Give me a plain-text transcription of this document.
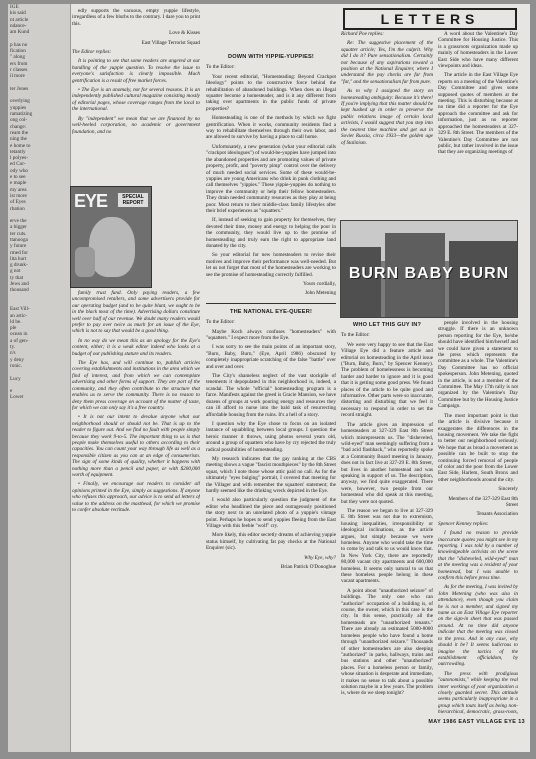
IGE
kis said
nt article
ndance-
am Kund

p has no
fication
" along
ers from
r classes
il more

ter Jones

overlying
yuppies
ramatizing
ong col-
change:
ream the
ning the
e home to
tetantly
l polyes-
ed Cor-
ody who
e to see
e maple
my area
ist more
of Eyes
rbation

erve the
a bigger
ter cuts.
ttanooga
y future
rmed for
lita hurt
g drunk-
g not
ty that
Jews and
thousand

East Vill-
an artic-
ld be.
ple
ocean in
a of gen-
ty.
n's
y deny
ronic.

Lucy

e
Lower

edly supports the vacuous, empty yuppie lifestyle, irregardless of a few blurbs to the contrary. I dare you to print this.

Love & Kisses

East Village Terrorist Squad

The Editor replies:

It is pointing to see that some readers are angered at our handling of the yuppie question. To resolve the issue to everyone's satisfaction is clearly impossible. Much gentrification is a result of free market forces.

• The Eye is an anomaly, not for several reasons. It is an independently published cultural magazine consisting mostly of editorial pages, whose coverage ranges from the local to the international.

By "independent" we mean that we are financed by no well-heeled corporation, no academic or government foundation, and no

EYE	SPECIAL REPORT

family trust fund. Only paying readers, a few uncompromised retailers, and some advertisers provide for our operating budget (and to be quite blunt, we ought to be in the black most of the time). Advertising dollars constitute well over half of our revenue. We doubt many readers would prefer to pay over twice as much for an issue of the Eye, which is not to say that would be a good thing.

In no way do we mean this as an apology for the Eye's content, either; it is a weak editor indeed who looks at a budget of our publishing stature and its readers.

The Eye has, and will continue to, publish articles covering establishments and institutions in the area which we find of interest, and from which we can contemplate advertising and other forms of support. They are part of the community, and they often contribute to the structure that enables us to serve the community. There is no reason to deny them press coverage on account of the matter of taste, for which we can only say it's a free country.

• It is not our intent to devalue anyone what our neighborhood should or should not be. That is up to the reader to figure out. And we find no fault with people simply because they work 9-to-5. The important thing to us is that people make themselves useful to others according to their capacities. You can count your way through life as well as a responsible citizen as you can at an edge of consumerism. The sign of some kinds of quality, whether it happens with nothing more than a pencil and paper, or with $200,000 worth of equipment.

• Finally, we encourage our readers to consider all opinions printed in the Eye, simply as suggestions. If anyone who refuses this approach, our advice is to send ad letters of value to the address on the masthead, for which we promise to confer absolute rectitude.

DOWN WITH YIPPIE-YUPPIES!

To the Editor:

Your recent editorial, "Homesteading: Beyond Crackpot Ideology" points to the constructive force behind the rehabilitation of abandoned buildings. When does an illegal squatter become a homesteader, and is it any different from taking over apartments in the public funds of private properties?

Homesteading is one of the methods by which we fight gentrification. When it works, community residents find a way to rehabilitate themselves through their own labor, and are allowed to survive by having a place to call home.

Unfortunately, a new generation (what your editorial calls "crackpot ideologues") of would-be-yuppies have jumped into the abandoned properties and are promoting values of private property, profit, and "poverty pimp" control over the delivery of much needed social services. Some of these would-be-yuppies are young Americans who drink in punk clothing and call themselves "yippies." These yippie-yuppies do nothing to improve the community or help their fellow homesteaders. They drain needed community resources as they play at being poor. Most return to their middle-class family lifestyles after their brief experiences as "squatters."

If, instead of seeking to gain property for themselves, they devoted their time, money and energy to helping the poor in the community, they would live up to the promise of homesteading and truly earn the right to appropriate land donated by the city.

So your editorial for new homesteaders to revise their motives and improve their performance was well-needed. But let us not forget that most of the homesteaders are working to see the promise of homesteading correctly fulfilled.

Yours cordially,

John Metening

THE NATIONAL EYE-QUEER!

To the Editor:

Maybe Koch always confuses "homesteaders" with "squatters." I expect more from the Eye.

I was sorry to see the main points of an important story, "Burn, Baby, Burn," (Eye, April 1986) obscured by completely inappropriate scratching of the false "battle" over and over and over.

The City's shameless neglect of the vast stockpile of tenements it depopulated in this neighborhood is, indeed, a scandal. The whole "official" homesteading program is a farce. Manifests against the greed is Gracie Mansion, we have dozens of groups at work pouring energy and resources they can ill afford to nurse into the bald task of resurrecting affordable housing from the ruins. It's a hell of a story.

I question why the Eye chose to focus on an isolated instance of squabbling between local groups. I question the heroic manner it throws, using photos several years old, around a group of squatters who have by cry rejected the truly radical possibilities of homesteading.

My research indicates that the gay ranking at the CBS meeting shows a vague "fascist mouthpieces" by the 8th Street squat, which I note those whose attic paid no call. As for the ultimately "eyes bulging" portrait, I covered that meeting for the Villager and with remember the squatters' statement; the hardly seemed like the drinking wreck depicted in the Eye.

I would also particularly question the judgment of the editor who headlined the piece and outrageously positioned the story next to an unrelated photo of a yuppie's vintage point. Perhaps he hopes to send yuppies fleeing from the East Village with this feeble "wolf" cry.

More likely, this editor secretly dreams of achieving yuppie status himself, by cultivating fat pay checks at the National Enquirer (sic).

Why Eye, why?

Brian Patrick O'Donoghue

LETTERS

Richard Poe replies:

Re: The suggestive placement of the squatter article; Yes, I'm the culprit. Why did I do it? Pure sensationalism. Certainly not because of any aspirations toward a position at the National Enquirer, where I understand the pay checks are far from "fat," and the sensationalism far from pure.

As to why I assigned the story on homesteading ambiguity: Because it's there! If you're implying that this matter should be kept hushed up in order to preserve the public relations image of certain local activists, I would suggest that you step into the nearest time machine and get out in Soviet Russia, circa 1933—the golden age of Stalinism.

A word about the Valentine's Day Committee for Housing Justice. This is a grassroots organization made up mainly of homesteaders in the Lower East Side who have many different viewpoints and ideas.

The article in the East Village Eye reports on a meeting of the Valentine's Day Committee and gives some supposed quotes of members at the meeting. This is disturbing because at no time did a reporter for the Eye approach the committee and ask for information, just as no reporter approached the homesteaders at 327-329 E. 8th Street. The members of the Valentine's Day Committee are not public, but rather involved in the issue that they are organizing meetings of

BURN BABY BURN
WHO LET THIS GUY IN?

To the Editor:

We were very happy to see that the East Village Eye did a feature article and editorial on homesteading in the April issue ("Burn, Baby, Burn," by Spencer Kenney). The problem of homelessness is becoming harder and harder to ignore and it is good that it is getting some good press. We found places of the article to be quite good and informative. Other parts were so inaccurate, distorting and disturbing that we feel it necessary to respond in order to set the record straight.

The article gives an impression of homesteaders at 327-329 East 8th Street which misrepresents us. The "disheveled, wild-eyed" man seemingly suffering from a "bad acid flashback," who reportedly spoke at a Community Board meeting in January, does not in fact live at 327-29 E. 8th Street, but lives in another homestead and was speaking in support of us. The description, anyway, we find quite exaggerated. There were, however, two people from our homestead who did speak at this meeting, but they were not quoted.

The reason we began to live at 327-329 E. 8th Street was not due to extremism, housing inequalities, irresponsibility or ideological inclinations, as the article argues, but simply because we were homeless. Anyone who would take the time to come by and talk to us would know that. In New York City, there are reportedly 80,000 vacant city apartments and 600,000 homeless. It seems only natural to us that these homeless people belong in these vacant apartments.

A point about "unauthorized seizure" of buildings. The only one who can "authorize" occupation of a building is, of course, the owner, which in this case is the city. In this sense, practically all the homesteads are "unauthorized tenants." There are already an estimated 5000-8000 homeless people who have found a home through "unauthorized seizure." Thousands of other homesteaders are also sleeping "authorized" in parks, hallways, trains and bus stations and other "unauthorized" places. For a homeless person or family, whose situation is desperate and immediate, it makes no sense to talk about a possible solution maybe in a few years. The problem is, where do we sleep tonight?

people involved in the housing struggle. If there is an unknown person reporting for the Eye, he/she should have identified him/herself and we could have given a statement to the press which represents the committee as a whole. The Valentine's Day Committee has no official spokesperson. John Metening, quoted in the article, is not a member of the Committee. The May 17th rally is not organized by the Valentine's Day Committee but by the Housing Justice Campaign.

The most important point is that the article is divisive because it exaggerates the differences in the housing movement. We take the fight to better our neighborhood seriously. We hope that as broad a movement as possible can be built to stop the continuing forced removal of people of color and the poor from the Lower East Side, Harlem, South Bronx and other neighborhoods around the city.

Sincerely

Members of the 327-329 East 8th Street

Tenants Association

Spencer Kenney replies:

I found no reason to provide inaccurate quotes you might see in my reporting. I was told by a number of knowledgeable activists on the scene that the "disheveled, wild-eyed" man at the meeting was a resident of your homestead, but I was unable to confirm this before press time.

As for the meeting, I was invited by John Metening (who was also in attendance), even though you claim he is not a member, and signed my name as an East Village Eye reporter on the sign-in sheet that was passed around. At no time did anyone indicate that the meeting was closed to the press. And in any case, why should it be? It seems ludicrous to imagine the tactics of the establishment officialdom, by outcrowding.

The press with prodigious "autonomists," while keeping the real inner workings of your organization a closely guarded secret. This attitude seems particularly inappropriate in a group which touts itself as being non-hierarchical, democratic, grass-roots,

MAY 1986 EAST VILLAGE EYE 13
